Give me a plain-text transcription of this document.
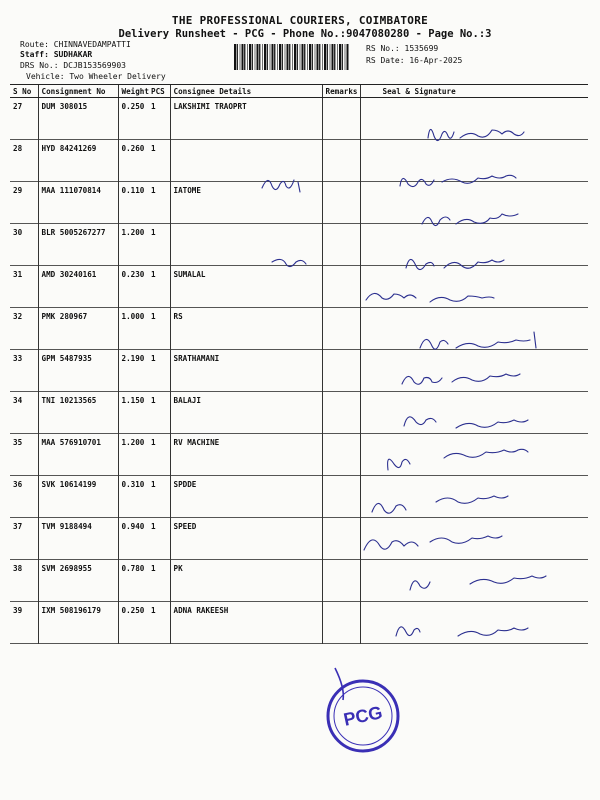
THE PROFESSIONAL COURIERS, COIMBATORE
Delivery Runsheet - PCG - Phone No.:9047080280 - Page No.:3
Route: CHINNAVEDAMPATTI
Staff: SUDHAKAR
DRS No.: DCJB153569903
Vehicle: Two Wheeler Delivery
RS No.: 1535699
RS Date: 16-Apr-2025
S No	Consignment No	Weight	PCS	Consignee Details	Remarks	Seal & Signature
27	DUM 308015	0.250	1	LAKSHIMI TRAOPRT		
28	HYD 84241269	0.260	1			
29	MAA 111070814	0.110	1	IATOME		
30	BLR 5005267277	1.200	1			
31	AMD 30240161	0.230	1	SUMALAL		
32	PMK 280967	1.000	1	RS		
33	GPM 5487935	2.190	1	SRATHAMANI		
34	TNI 10213565	1.150	1	BALAJI		
35	MAA 576910701	1.200	1	RV MACHINE		
36	SVK 10614199	0.310	1	SPDDE		
37	TVM 9188494	0.940	1	SPEED		
38	SVM 2698955	0.780	1	PK		
39	IXM 508196179	0.250	1	ADNA RAKEESH		
PCG
